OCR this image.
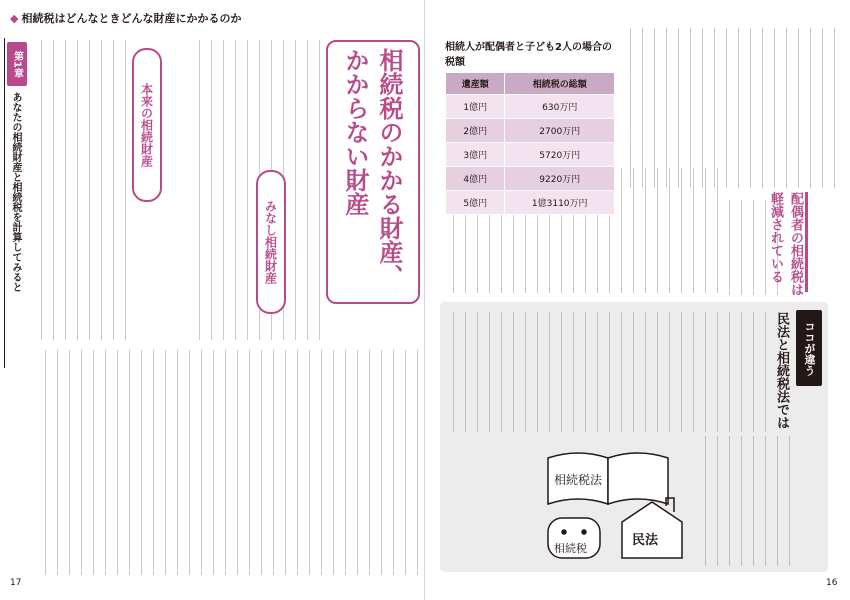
◆ 相続税はどんなときどんな財産にかかるのか
第1章
あなたの相続財産と相続税を計算してみると	本来の相続財産
みなし相続財産	相続税のかかる財産、かからない財産
17
配偶者の相続税は
軽減されている
相続人が配偶者と子ども2人の場合の税額
遺産額	相続税の総額
1億円	630万円
2億円	2700万円
3億円	5720万円
4億円	9220万円
5億円	1億3110万円
ココが違う
民法と相続税法では
相続税法
相続税
民法
16
